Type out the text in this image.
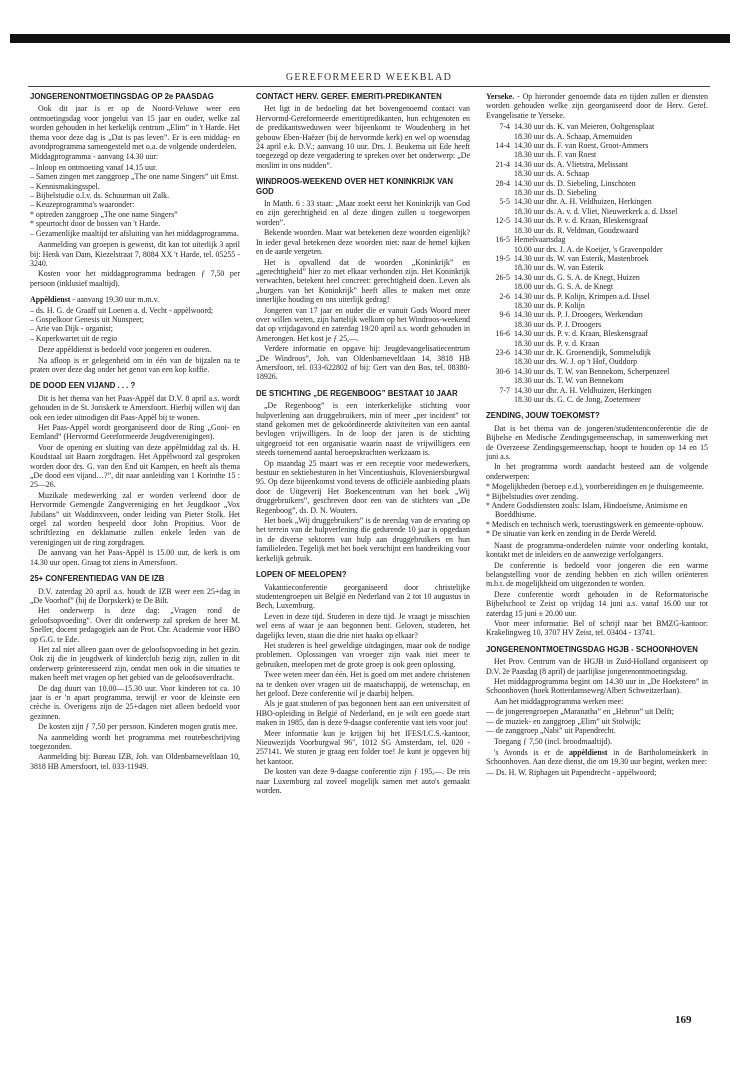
GEREFORMEERD WEEKBLAD
JONGERENONTMOETINGSDAG OP 2e PAASDAG

Ook dit jaar is er op de Noord-Veluwe weer een ontmoetingsdag voor jongelui van 15 jaar en ouder, welke zal worden gehouden in het kerkelijk centrum „Elim” in 't Harde. Het thema voor deze dag is „Dat is pas leven”. Er is een middag- en avondprogramma samengesteld met o.a. de volgende onderdelen.

Middagprogramma - aanvang 14.30 uur:

– Inloop en ontmoeting vanaf 14.15 uur.
– Samen zingen met zanggroep „The one name Singers” uit Emst.
– Kennismakingsspel.
– Bijbelstudie o.l.v. ds. Schuurman uit Zalk.
– Keuzeprogramma's waaronder:
* optreden zanggroep „The one name Singers”
* speurtocht door de bossen van 't Harde.
– Gezamenlijke maaltijd ter afsluiting van het middagprogramma.

Aanmelding van groepen is gewenst, dit kan tot uiterlijk 3 april bij: Henk van Dam, Kiezelstraat 7, 8084 XX 't Harde, tel. 05255 - 3240.

Kosten voor het middagprogramma bedragen ƒ 7,50 per persoon (inklusief maaltijd).

Appèldienst - aanvang 19.30 uur m.m.v.

– ds. H. G. de Graaff uit Loenen a. d. Vecht - appèlwoord;
– Gospelkoor Genesis uit Nunspeet;
– Arie van Dijk - organist;
– Koperkwartet uit de regio

Deze appèldienst is bedoeld voor jongeren en ouderen.

Na afloop is er gelegenheid om in één van de bijzalen na te praten over deze dag onder het genot van een kop koffie.

DE DOOD EEN VIJAND . . . ?

Dit is het thema van het Paas-Appèl dat D.V. 8 april a.s. wordt gehouden in de St. Joriskerk te Amersfoort. Hierbij willen wij dan ook een ieder uitnodigen dit Paas-Appèl bij te wonen.

Het Paas-Appèl wordt georganiseerd door de Ring „Gooi- en Eemland” (Hervormd Gereformeerde Jeugdverenigingen).

Voor de opening en sluiting van deze appèlmiddag zal ds. H. Koudstaal uit Baarn zorgdragen. Het Appèlwoord zal gesproken worden door drs. G. van den End uit Kampen, en heeft als thema „De dood een vijand…?”, dit naar aanleiding van 1 Korinthe 15 : 25—26.

Muzikale medewerking zal er worden verleend door de Hervormde Gemengde Zangvereniging en het Jeugdkoor „Vox Jubilans” uit Waddinxveen, onder leiding van Pieter Stolk. Het orgel zal worden bespeeld door John Propitius. Voor de schriftlezing en deklamatie zullen enkele leden van de verenigingen uit de ring zorgdragen.

De aanvang van het Paas-Appèl is 15.00 uur, de kerk is om 14.30 uur open. Graag tot ziens in Amersfoort.

25+ CONFERENTIEDAG VAN DE IZB

D.V. zaterdag 20 april a.s. houdt de IZB weer een 25+dag in „De Voorhof” (bij de Dorpskerk) te De Bilt.

Het onderwerp is deze dag: „Vragen rond de geloofsopvoeding”. Over dit onderwerp zal spreken de heer M. Sneller, docent pedagogiek aan de Prot. Chr. Academie voor HBO op G.G. te Ede.

Het zal niet alleen gaan over de geloofsopvoeding in het gezin. Ook zij die in jeugdwerk of kinderclub bezig zijn, zullen in dit onderwerp geïnteresseerd zijn, omdat men ook in die situaties te maken heeft met vragen op het gebied van de geloofsoverdracht.

De dag duurt van 10.00—15.30 uur. Voor kinderen tot ca. 10 jaar is er 'n apart programma, terwijl er voor de kleinste een crèche is. Overigens zijn de 25+dagen niet alleen bedoeld voor gezinnen.

De kosten zijn ƒ 7,50 per persoon. Kinderen mogen gratis mee.

Na aanmelding wordt het programma met routebeschrijving toegezonden.

Aanmelding bij: Bureau IZB, Joh. van Oldenbarneveltlaan 10, 3818 HB Amersfoort, tel. 033-11949.

CONTACT HERV. GEREF. EMERITI-PREDIKANTEN

Het ligt in de bedoeling dat het bovengenoemd contact van Hervormd-Gereformeerde emeritipredikanten, hun echtgenoten en de predikantsweduwen weer bijeenkomt te Woudenberg in het gebouw Eben-Haëzer (bij de hervormde kerk) en wel op woensdag 24 april e.k. D.V.; aanvang 10 uur. Drs. J. Beukema uit Ede heeft toegezegd op deze vergadering te spreken over het onderwerp: „De moslim in ons midden”.

WINDROOS-WEEKEND OVER HET KONINKRIJK VAN GOD

In Matth. 6 : 33 staat: „Maar zoekt eerst het Koninkrijk van God en zijn gerechtigheid en al deze dingen zullen u toegeworpen worden”.

Bekende woorden. Maar wat betekenen deze woorden eigenlijk? In ieder geval betekenen deze woorden niet: naar de hemel kijken en de aarde vergeten.

Het is opvallend dat de woorden „Koninkrijk” en „gerechtigheid” hier zo met elkaar verbonden zijn. Het Koninkrijk verwachten, betekent heel concreet: gerechtigheid doen. Leven als „burgers van het Koninkrijk” heeft alles te maken met onze innerlijke houding en ons uiterlijk gedrag!

Jongeren van 17 jaar en ouder die er vanuit Gods Woord meer over willen weten, zijn hartelijk welkom op het Windroos-weekend dat op vrijdagavond en zaterdag 19/20 april a.s. wordt gehouden in Amerongen. Het kost je ƒ 25,—.

Verdere informatie en opgave bij: Jeugdevangelisatiecentrum „De Windroos”, Joh. van Oldenbarneveltlaan 14, 3818 HB Amersfoort, tel. 033-622802 of bij: Gert van den Bos, tel. 08380-18926.

DE STICHTING „DE REGENBOOG” BESTAAT 10 JAAR

„De Regenboog” is een interkerkelijke stichting voor hulpverlening aan druggebruikers, min of meer „per incident” tot stand gekomen met de gekoördineerde aktiviteiten van een aantal bevlogen vrijwilligers. In de loop der jaren is de stichting uitgegroeid tot een organisatie waarin naast de vrijwilligers een steeds toenemend aantal beroepskrachten werkzaam is.

Op maandag 25 maart was er een receptie voor medewerkers, bestuur en sektiebesturen in het Vincentiushuis, Kloveniersburgwal 95. Op deze bijeenkomst vond tevens de officiële aanbieding plaats door de Uitgeverij Het Boekencentrum van het boek „Wij druggebruikers”, geschreven door een van de stichters van „De Regenboog”, ds. D. N. Wouters.

Het boek „Wij druggebruikers” is de neerslag van de ervaring op het terrein van de hulpverlening die gedurende 10 jaar is opgedaan in de diverse sektoren van hulp aan druggebruikers en hun familieleden. Tegelijk met het boek verschijnt een handreiking voor kerkelijk gebruik.

LOPEN OF MEELOPEN?

Vakantieconferentie georganiseerd door christelijke studentengroepen uit België en Nederland van 2 tot 10 augustus in Bech, Luxemburg.

Leven in deze tijd. Studeren in deze tijd. Je vraagt je misschien wel eens af waar je aan begonnen bent. Geloven, studeren, het dagelijks leven, staan die drie niet haaks op elkaar?

Het studeren is heel geweldige uitdagingen, maar ook de nodige problemen. Oplossingen van vroeger zijn vaak niet meer te gebruiken, meelopen met de grote groep is ook geen oplossing.

Twee weten meer dan één. Het is goed om met andere christenen na te denken over vragen uit de maatschappij, de wetenschap, en het geloof. Deze conferentie wil je daarbij helpen.

Als je gaat studeren of pas begonnen bent aan een universiteit of HBO-opleiding in België of Nederland, en je wilt een goede start maken in 1985, dan is deze 9-daagse conferentie vast iets voor jou!

Meer informatie kun je krijgen bij het IFES/I.C.S.-kantoor, Nieuwezijds Voorburgwal 96", 1012 SG Amsterdam, tel. 020 - 257141. We sturen je graag een folder toe! Je kunt je opgeven bij het kantoor.

De kosten van deze 9-daagse conferentie zijn ƒ 195,—. De reis naar Luxemburg zal zoveel mogelijk samen met auto's gemaakt worden.

Yerseke. - Op hieronder genoemde data en tijden zullen er diensten worden gehouden welke zijn georganiseerd door de Herv. Geref. Evangelisatie te Yerseke.

7-4 14.30 uur ds. K. van Meieren, Ooltgensplaat
18.30 uur ds. A. Schaap, Arnemuiden
14-4 14.30 uur ds. F. van Roest, Groot-Ammers
18.30 uur ds. F. van Roest
21-4 14.30 uur ds. A. Vlietstra, Melissant
18.30 uur ds. A. Schaap
28-4 14.30 uur ds. D. Siebeling, Linschoten
18.30 uur ds. D. Siebeling
5-5 14.30 uur dhr. A. H. Veldhuizen, Herkingen
18.30 uur ds. A. v. d. Vliet, Nieuwerkerk a. d. IJssel
12-5 14.30 uur ds. P. v. d. Kraan, Bleskensgraaf
18.30 uur ds. R. Veldman, Goudzwaard
16-5 Hemelvaartsdag
10.00 uur drs. J. A. de Koeijer, 's Gravenpolder
19-5 14.30 uur ds. W. van Esterik, Mastenbroek
18.30 uur ds. W. van Esterik
26-5 14.30 uur ds. G. S. A. de Knegt, Huizen
18.00 uur ds. G. S. A. de Knegt
2-6 14.30 uur ds. P. Kolijn, Krimpen a.d. IJssel
18.30 uur ds. P. Kolijn
9-6 14.30 uur ds. P. J. Droogers, Werkendam
18.30 uur ds. P. J. Droogers
16-6 14.30 uur ds. P. v. d. Kraan, Bleskensgraaf
18.30 uur ds. P. v. d. Kraan
23-6 14.30 uur dr. K. Groenendijk, Sommelsdijk
18.30 uur drs. W. J. op 't Hof, Ouddorp
30-6 14.30 uur ds. T. W. van Bennekom, Scherpenzeel
18.30 uur ds. T. W. van Bennekom
7-7 14.30 uur dhr. A. H. Veldhuizen, Herkingen
18.30 uur ds. G. C. de Jong, Zoetermeer
ZENDING, JOUW TOEKOMST?

Dat is het thema van de jongeren/studentenconferentie die de Bijbelse en Medische Zendingsgemeenschap, in samenwerking met de Overzeese Zendingsgemeenschap, hoopt te houden op 14 en 15 juni a.s.

In het programma wordt aandacht besteed aan de volgende onderwerpen:

* Mogelijkheden (beroep e.d.), voorbereidingen en je thuisgemeente.
* Bijbelstudies over zending.
* Andere Godsdiensten zoals: Islam, Hindoeïsme, Animisme en Boeddhisme.
* Medisch en technisch werk, toerustingswerk en gemeente-opbouw.
* De situatie van kerk en zending in de Derde Wereld.

Naast de programma-onderdelen ruimte voor onderling kontakt, kontakt met de inleiders en de aanwezige verfolgangers.

De conferentie is bedoeld voor jongeren die een warme belangstelling voor de zending hebben en zich willen oriënteren m.b.t. de mogelijkheid om uitgezonden te worden.

Deze conferentie wordt gehouden in de Reformatorische Bijbelschool te Zeist op vrijdag 14 juni a.s. vanaf 16.00 uur tot zaterdag 15 juni ± 20.00 uur.

Voor meer informatie: Bel of schrijf naar het BMZG-kantoor: Krakelingweg 10, 3707 HV Zeist, tel. 03404 - 13741.

JONGERENONTMOETINGSDAG HGJB - SCHOONHOVEN

Het Prov. Centrum van de HGJB in Zuid-Holland organiseert op D.V. 2e Paasdag (8 april) de jaarlijkse jongerenontmoetingsdag.

Het middagprogramma begint om 14.30 uur in „De Hoeksteen” in Schoonhoven (hoek Rotterdamseweg/Albert Schweitzerlaan).

Aan het middagprogramma werken mee:

— de jongerengroepen „Maranatha” en „Hebron” uit Delft;
— de muziek- en zanggroep „Elim” uit Stolwijk;
— de zanggroep „Nabi” uit Papendrecht.

Toegang ƒ 7,50 (incl. broodmaaltijd).

's Avonds is er de appèldienst in de Bartholomeüskerk in Schoonhoven. Aan deze dienst, die om 19.30 uur begint, werken mee:

— Ds. H. W. Riphagen uit Papendrecht - appèlwoord;
169
